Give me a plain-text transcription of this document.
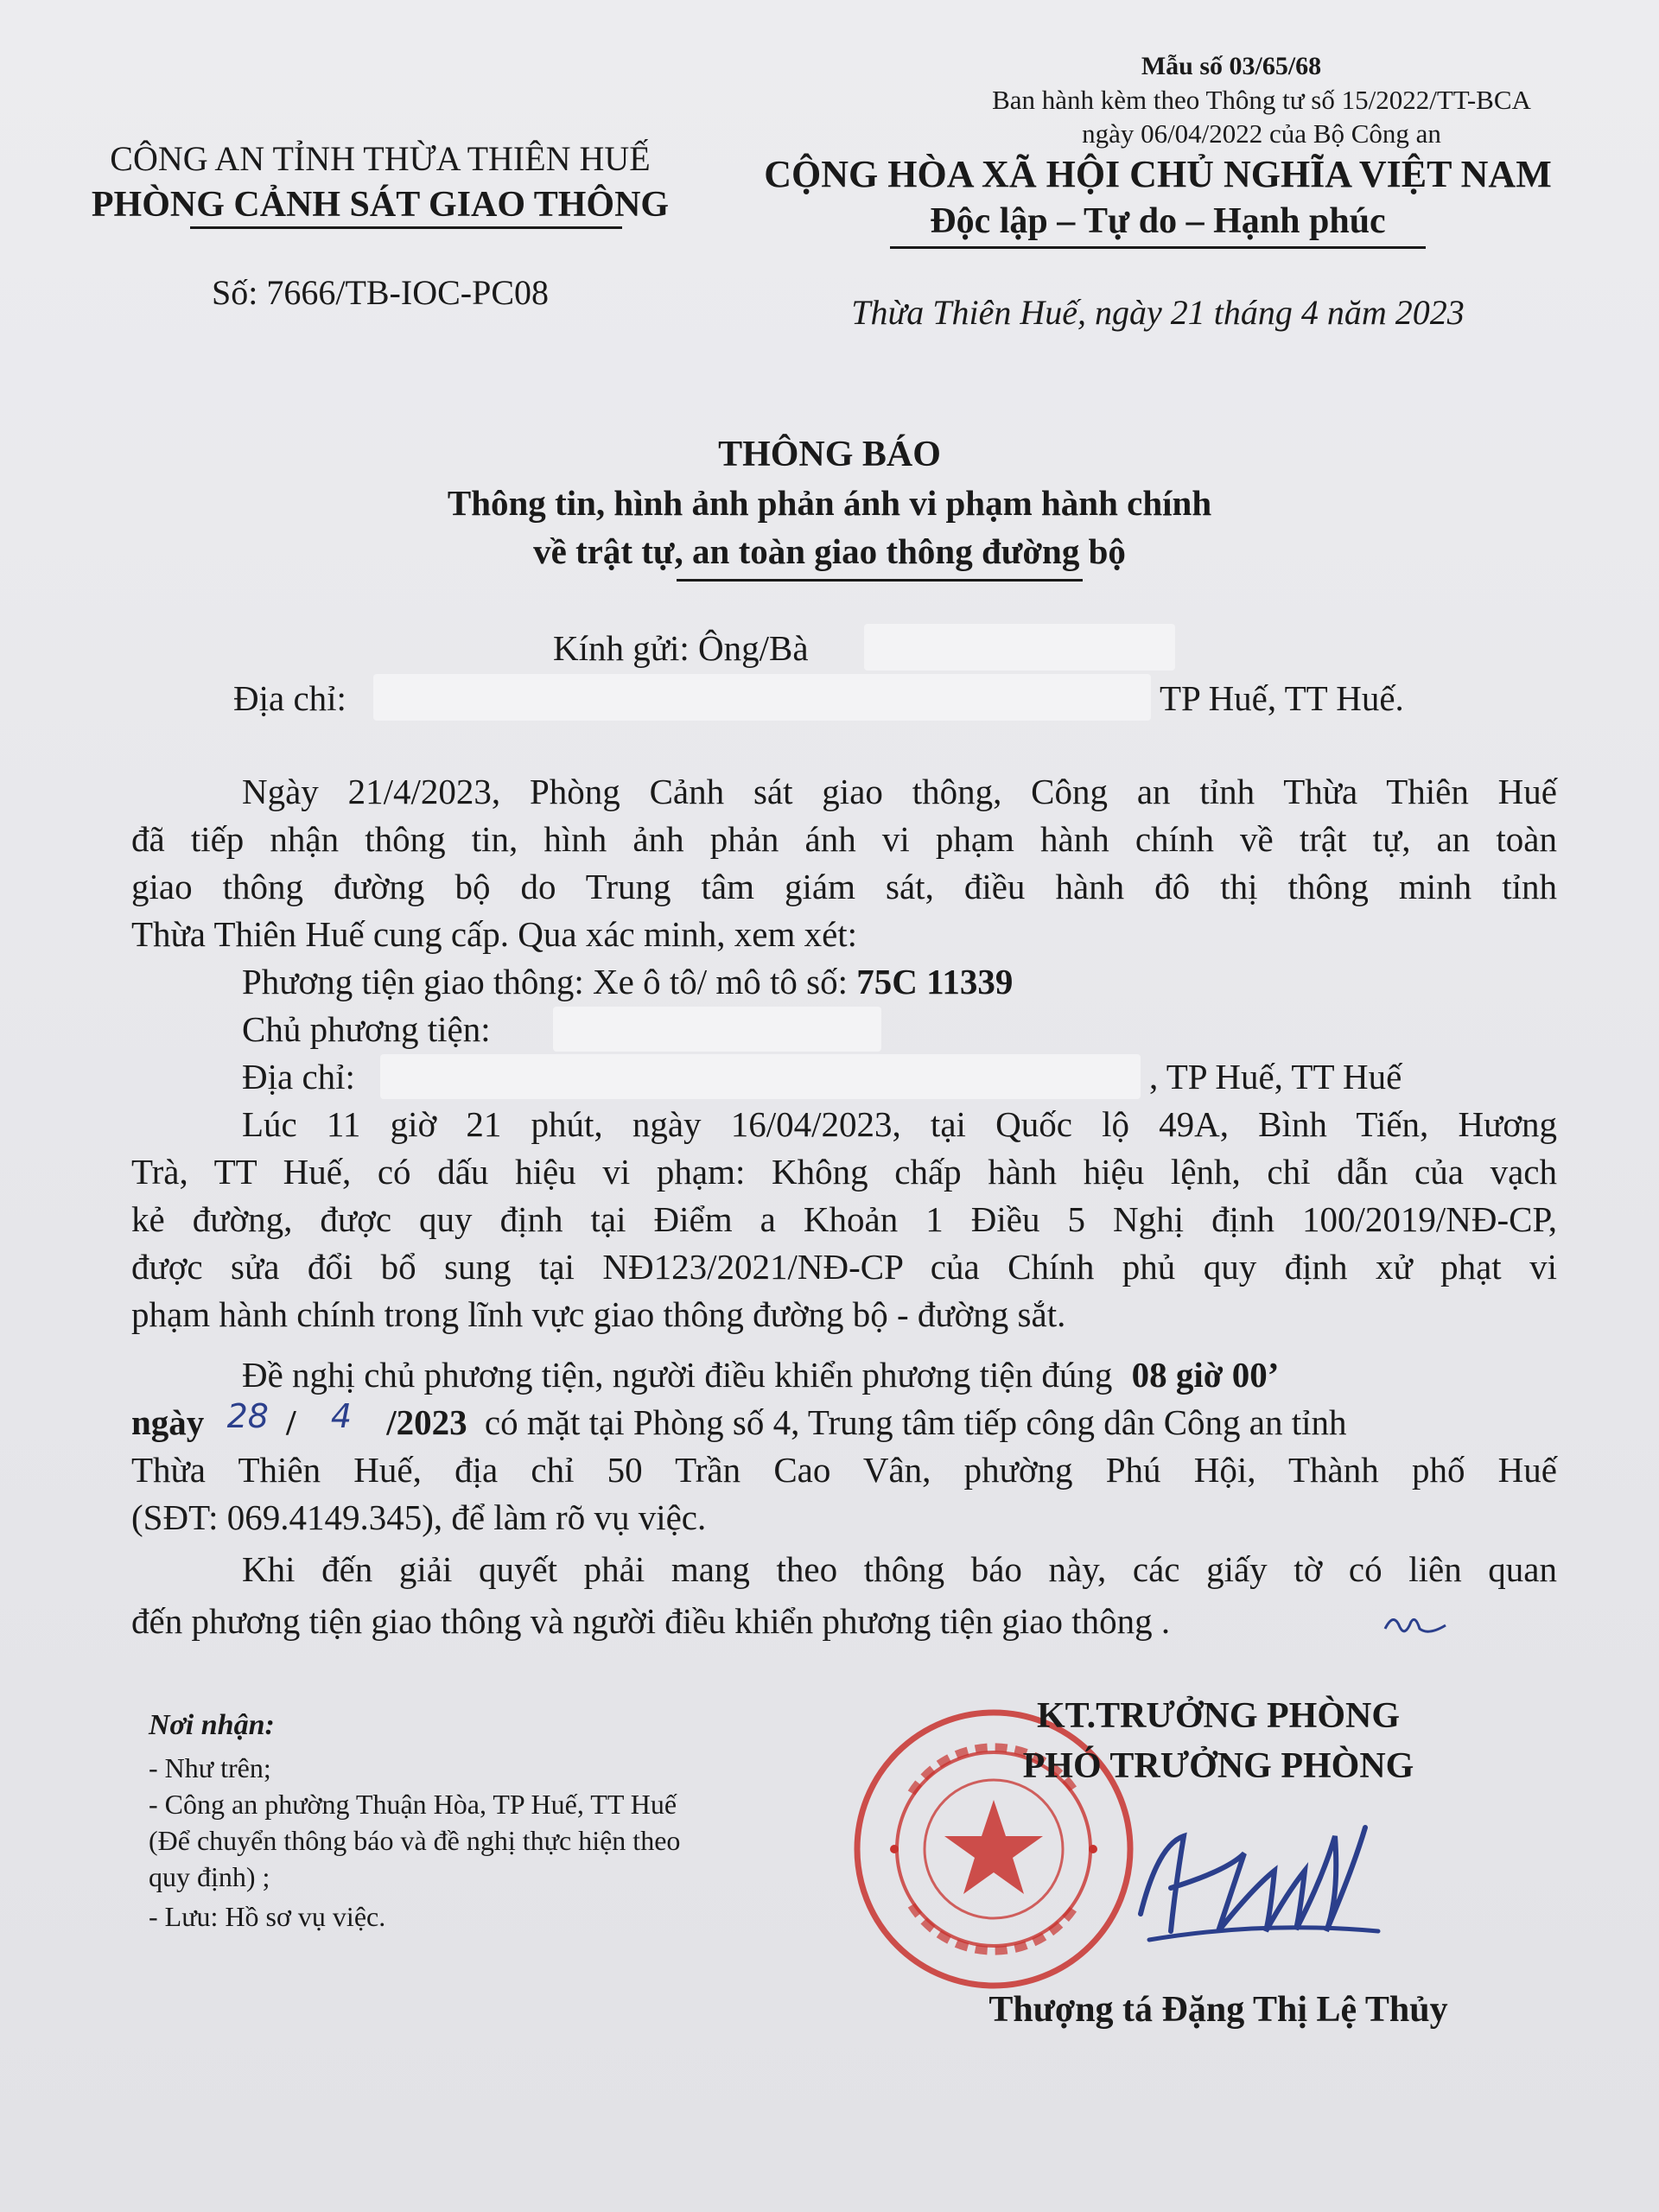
CÔNG AN TỈNH THỪA THIÊN HUẾ
PHÒNG CẢNH SÁT GIAO THÔNG
Số: 7666/TB-IOC-PC08
Mẫu số 03/65/68
Ban hành kèm theo Thông tư số 15/2022/TT-BCA
ngày 06/04/2022 của Bộ Công an
CỘNG HÒA XÃ HỘI CHỦ NGHĨA VIỆT NAM
Độc lập – Tự do – Hạnh phúc
Thừa Thiên Huế, ngày 21 tháng 4 năm 2023
THÔNG BÁO
Thông tin, hình ảnh phản ánh vi phạm hành chính
về trật tự, an toàn giao thông đường bộ
Kính gửi: Ông/Bà
Địa chỉ:	TP Huế, TT Huế.
Ngày 21/4/2023, Phòng Cảnh sát giao thông, Công an tỉnh Thừa Thiên Huế
đã tiếp nhận thông tin, hình ảnh phản ánh vi phạm hành chính về trật tự, an toàn
giao thông đường bộ do Trung tâm giám sát, điều hành đô thị thông minh tỉnh
Thừa Thiên Huế cung cấp. Qua xác minh, xem xét:
Phương tiện giao thông: Xe ô tô/ mô tô số: 75C 11339
Chủ phương tiện:
Địa chỉ:	, TP Huế, TT Huế
Lúc 11 giờ 21 phút, ngày 16/04/2023, tại Quốc lộ 49A, Bình Tiến, Hương
Trà, TT Huế, có dấu hiệu vi phạm: Không chấp hành hiệu lệnh, chỉ dẫn của vạch
kẻ đường, được quy định tại Điểm a Khoản 1 Điều 5 Nghị định 100/2019/NĐ-CP,
được sửa đổi bổ sung tại NĐ123/2021/NĐ-CP của Chính phủ quy định xử phạt vi
phạm hành chính trong lĩnh vực giao thông đường bộ - đường sắt.
Đề nghị chủ phương tiện, người điều khiển phương tiện đúng 08 giờ 00’
ngày 28 / 4 /2023 có mặt tại Phòng số 4, Trung tâm tiếp công dân Công an tỉnh
Thừa Thiên Huế, địa chỉ 50 Trần Cao Vân, phường Phú Hội, Thành phố Huế
(SĐT: 069.4149.345), để làm rõ vụ việc.
Khi đến giải quyết phải mang theo thông báo này, các giấy tờ có liên quan
đến phương tiện giao thông và người điều khiển phương tiện giao thông .
Nơi nhận:
- Như trên;
- Công an phường Thuận Hòa, TP Huế, TT Huế
(Để chuyển thông báo và đề nghị thực hiện theo
quy định) ;
- Lưu: Hồ sơ vụ việc.
KT.TRƯỞNG PHÒNG
PHÓ TRƯỞNG PHÒNG
Thượng tá Đặng Thị Lệ Thủy
